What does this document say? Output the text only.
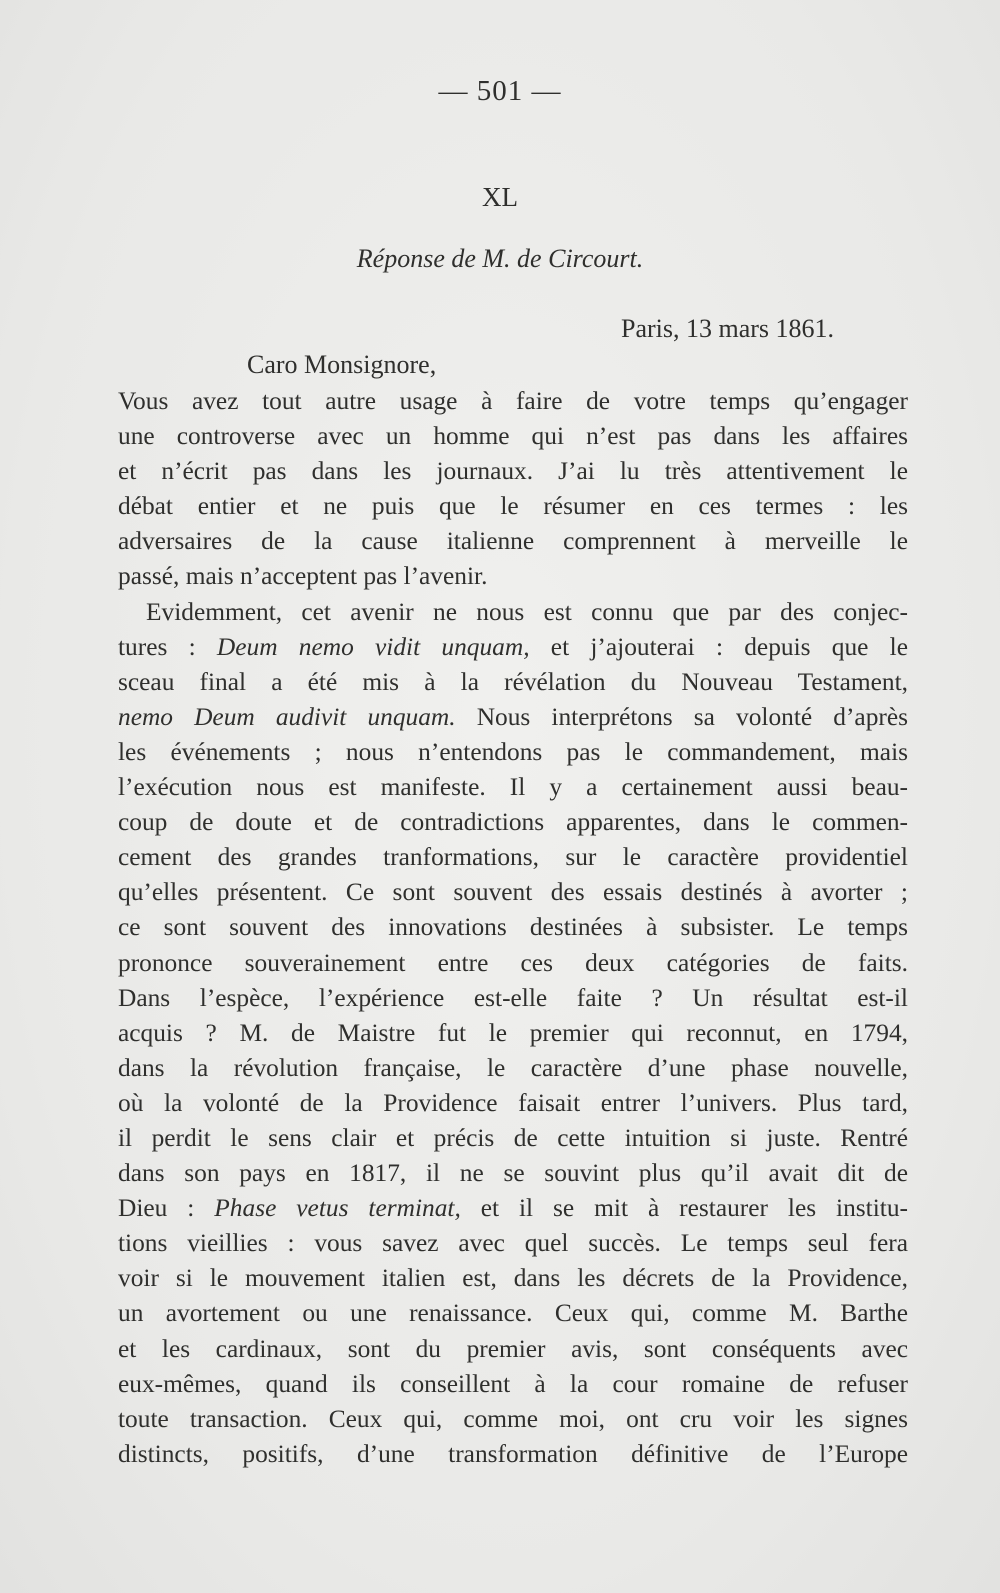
— 501 —
XL
Réponse de M. de Circourt.
Paris, 13 mars 1861.
Caro Monsignore,
Vous avez tout autre usage à faire de votre temps qu’engager
une controverse avec un homme qui n’est pas dans les affaires
et n’écrit pas dans les journaux. J’ai lu très attentivement le
débat entier et ne puis que le résumer en ces termes : les
adversaires de la cause italienne comprennent à merveille le
passé, mais n’acceptent pas l’avenir.
Evidemment, cet avenir ne nous est connu que par des conjec-
tures : Deum nemo vidit unquam, et j’ajouterai : depuis que le
sceau final a été mis à la révélation du Nouveau Testament,
nemo Deum audivit unquam. Nous interprétons sa volonté d’après
les événements ; nous n’entendons pas le commandement, mais
l’exécution nous est manifeste. Il y a certainement aussi beau-
coup de doute et de contradictions apparentes, dans le commen-
cement des grandes tranformations, sur le caractère providentiel
qu’elles présentent. Ce sont souvent des essais destinés à avorter ;
ce sont souvent des innovations destinées à subsister. Le temps
prononce souverainement entre ces deux catégories de faits.
Dans l’espèce, l’expérience est-elle faite ? Un résultat est-il
acquis ? M. de Maistre fut le premier qui reconnut, en 1794,
dans la révolution française, le caractère d’une phase nouvelle,
où la volonté de la Providence faisait entrer l’univers. Plus tard,
il perdit le sens clair et précis de cette intuition si juste. Rentré
dans son pays en 1817, il ne se souvint plus qu’il avait dit de
Dieu : Phase vetus terminat, et il se mit à restaurer les institu-
tions vieillies : vous savez avec quel succès. Le temps seul fera
voir si le mouvement italien est, dans les décrets de la Providence,
un avortement ou une renaissance. Ceux qui, comme M. Barthe
et les cardinaux, sont du premier avis, sont conséquents avec
eux-mêmes, quand ils conseillent à la cour romaine de refuser
toute transaction. Ceux qui, comme moi, ont cru voir les signes
distincts, positifs, d’une transformation définitive de l’Europe
